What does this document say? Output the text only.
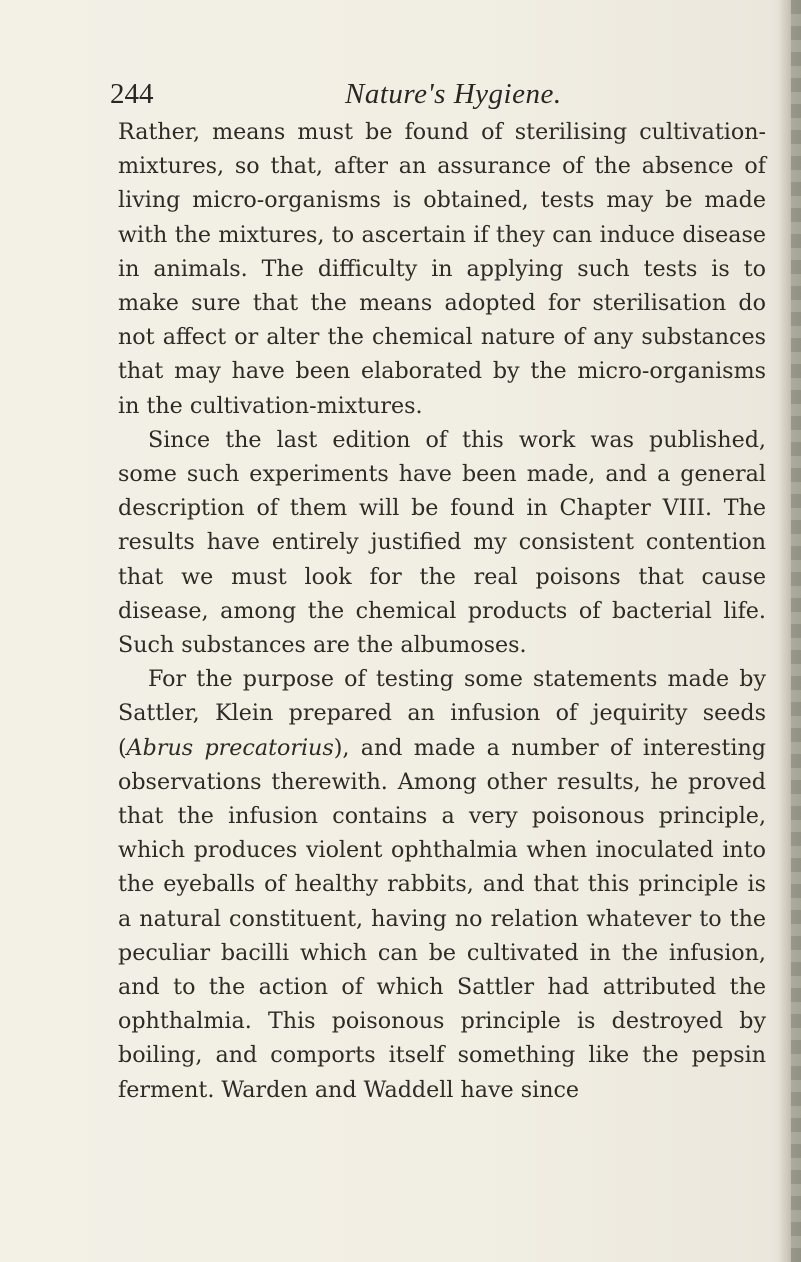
244	Nature's Hygiene.

Rather, means must be found of sterilising cultivation-mixtures, so that, after an assurance of the absence of living micro-organisms is obtained, tests may be made with the mixtures, to ascertain if they can induce disease in animals. The difficulty in applying such tests is to make sure that the means adopted for sterilisation do not affect or alter the chemical nature of any substances that may have been elaborated by the micro-organisms in the cultivation-mixtures.

Since the last edition of this work was published, some such experiments have been made, and a general description of them will be found in Chapter VIII. The results have entirely justified my consistent contention that we must look for the real poisons that cause disease, among the chemical products of bacterial life. Such substances are the albumoses.

For the purpose of testing some statements made by Sattler, Klein prepared an infusion of jequirity seeds (Abrus precatorius), and made a number of interesting observations therewith. Among other results, he proved that the infusion contains a very poisonous principle, which produces violent ophthalmia when inoculated into the eyeballs of healthy rabbits, and that this principle is a natural constituent, having no relation whatever to the peculiar bacilli which can be cultivated in the infusion, and to the action of which Sattler had attributed the ophthalmia. This poisonous principle is destroyed by boiling, and comports itself something like the pepsin ferment. Warden and Waddell have since
